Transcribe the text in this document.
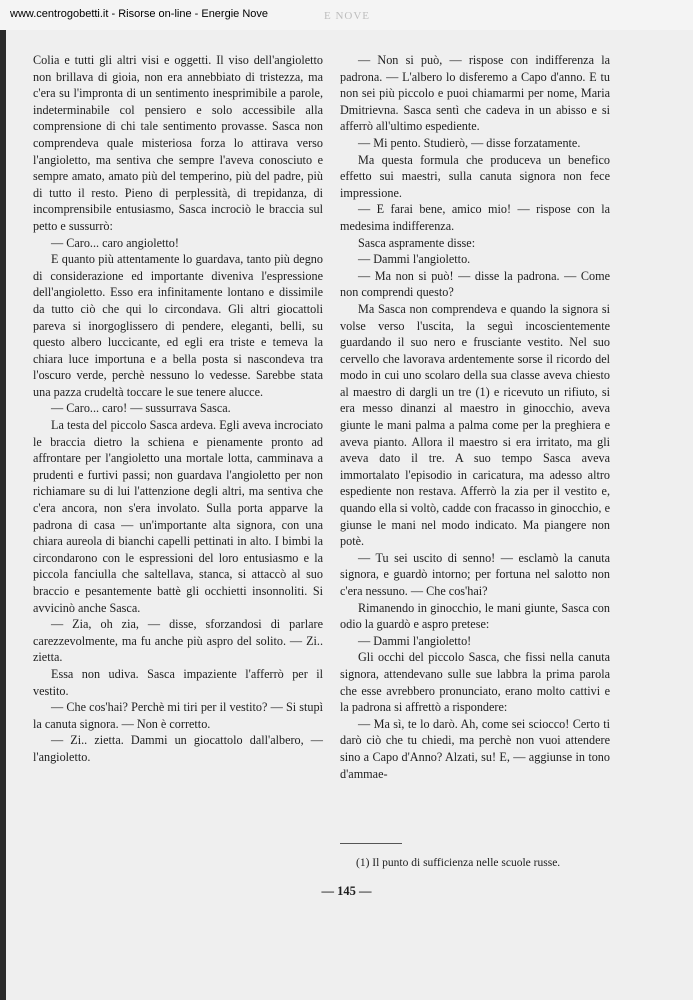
www.centrogobetti.it - Risorse on-line - Energie Nove	E NOVE

Colia e tutti gli altri visi e oggetti. Il viso dell'angioletto non brillava di gioia, non era annebbiato di tristezza, ma c'era su l'impronta di un sentimento inesprimibile a parole, indeterminabile col pensiero e solo accessibile alla comprensione di chi tale sentimento provasse. Sasca non comprendeva quale misteriosa forza lo attirava verso l'angioletto, ma sentiva che sempre l'aveva conosciuto e sempre amato, amato più del temperino, più del padre, più di tutto il resto. Pieno di perplessità, di trepidanza, di incomprensibile entusiasmo, Sasca incrociò le braccia sul petto e sussurrò:

— Caro... caro angioletto!

E quanto più attentamente lo guardava, tanto più degno di considerazione ed importante diveniva l'espressione dell'angioletto. Esso era infinitamente lontano e dissimile da tutto ciò che qui lo circondava. Gli altri giocattoli pareva si inorgoglissero di pendere, eleganti, belli, su questo albero luccicante, ed egli era triste e temeva la chiara luce importuna e a bella posta si nascondeva tra l'oscuro verde, perchè nessuno lo vedesse. Sarebbe stata una pazza crudeltà toccare le sue tenere alucce.

— Caro... caro! — sussurrava Sasca.

La testa del piccolo Sasca ardeva. Egli aveva incrociato le braccia dietro la schiena e pienamente pronto ad affrontare per l'angioletto una mortale lotta, camminava a prudenti e furtivi passi; non guardava l'angioletto per non richiamare su di lui l'attenzione degli altri, ma sentiva che c'era ancora, non s'era involato. Sulla porta apparve la padrona di casa — un'importante alta signora, con una chiara aureola di bianchi capelli pettinati in alto. I bimbi la circondarono con le espressioni del loro entusiasmo e la piccola fanciulla che saltellava, stanca, si attaccò al suo braccio e pesantemente battè gli occhietti insonnoliti. Si avvicinò anche Sasca.

— Zia, oh zia, — disse, sforzandosi di parlare carezzevolmente, ma fu anche più aspro del solito. — Zi.. zietta.

Essa non udiva. Sasca impaziente l'afferrò per il vestito.

— Che cos'hai? Perchè mi tiri per il vestito? — Si stupì la canuta signora. — Non è corretto.

— Zi.. zietta. Dammi un giocattolo dall'albero, — l'angioletto.

— Non si può, — rispose con indifferenza la padrona. — L'albero lo disferemo a Capo d'anno. E tu non sei più piccolo e puoi chiamarmi per nome, Maria Dmitrievna. Sasca sentì che cadeva in un abisso e si afferrò all'ultimo espediente.

— Mi pento. Studierò, — disse forzatamente.

Ma questa formula che produceva un benefico effetto sui maestri, sulla canuta signora non fece impressione.

— E farai bene, amico mio! — rispose con la medesima indifferenza.

Sasca aspramente disse:

— Dammi l'angioletto.

— Ma non si può! — disse la padrona. — Come non comprendi questo?

Ma Sasca non comprendeva e quando la signora si volse verso l'uscita, la seguì incoscientemente guardando il suo nero e frusciante vestito. Nel suo cervello che lavorava ardentemente sorse il ricordo del modo in cui uno scolaro della sua classe aveva chiesto al maestro di dargli un tre (1) e ricevuto un rifiuto, si era messo dinanzi al maestro in ginocchio, aveva giunte le mani palma a palma come per la preghiera e aveva pianto. Allora il maestro si era irritato, ma gli aveva dato il tre. A suo tempo Sasca aveva immortalato l'episodio in caricatura, ma adesso altro espediente non restava. Afferrò la zia per il vestito e, quando ella si voltò, cadde con fracasso in ginocchio, e giunse le mani nel modo indicato. Ma piangere non potè.

— Tu sei uscito di senno! — esclamò la canuta signora, e guardò intorno; per fortuna nel salotto non c'era nessuno. — Che cos'hai?

Rimanendo in ginocchio, le mani giunte, Sasca con odio la guardò e aspro pretese:

— Dammi l'angioletto!

Gli occhi del piccolo Sasca, che fissi nella canuta signora, attendevano sulle sue labbra la prima parola che esse avrebbero pronunciato, erano molto cattivi e la padrona si affrettò a rispondere:

— Ma sì, te lo darò. Ah, come sei sciocco! Certo ti darò ciò che tu chiedi, ma perchè non vuoi attendere sino a Capo d'Anno? Alzati, su! E, — aggiunse in tono d'ammae-

(1) Il punto di sufficienza nelle scuole russe.
— 145 —
